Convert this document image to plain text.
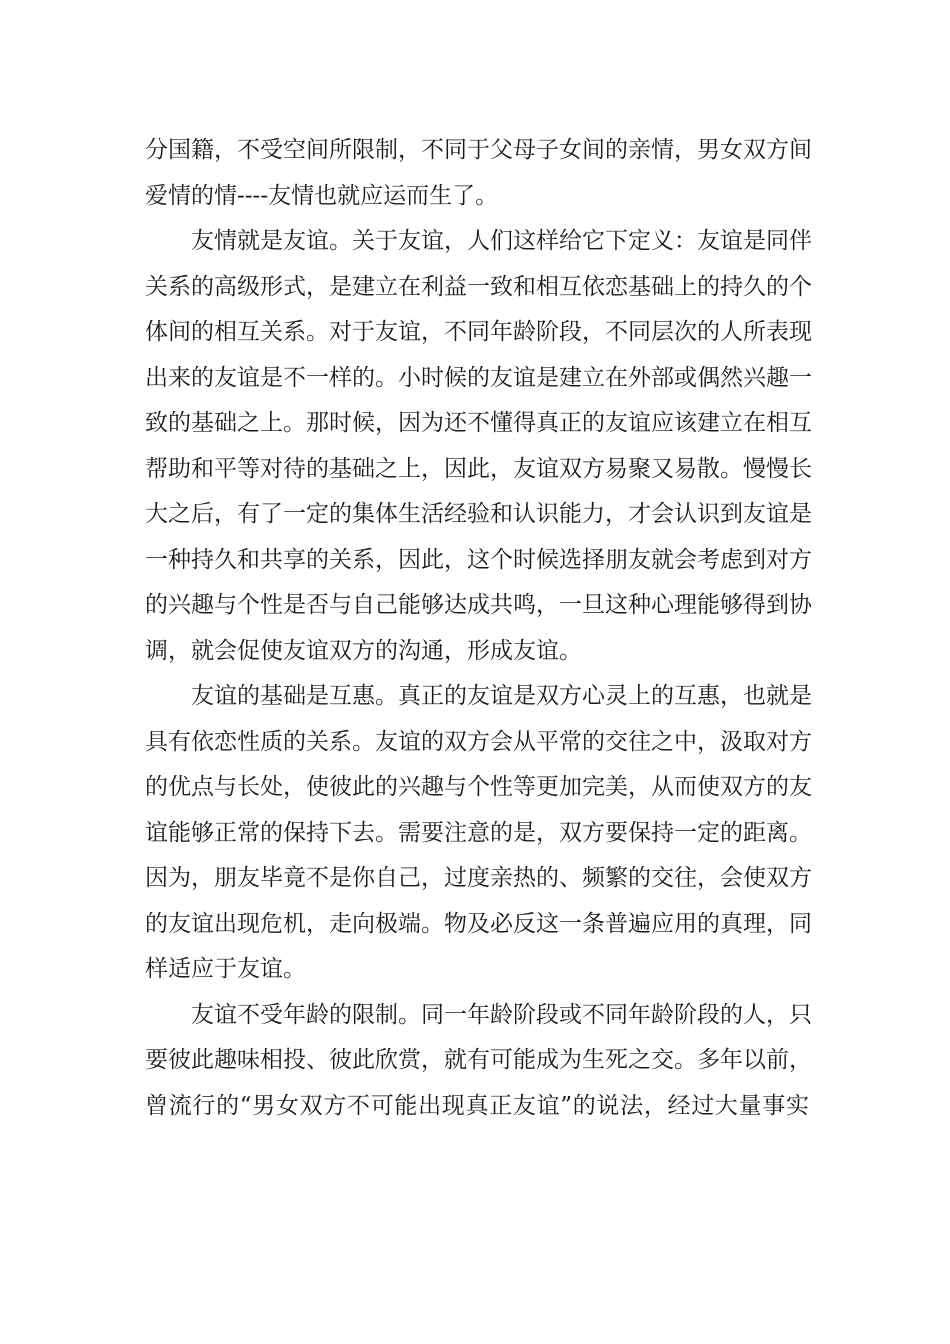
分国籍，不受空间所限制，不同于父母子女间的亲情，男女双方间
爱情的情----友情也就应运而生了。
友情就是友谊。关于友谊，人们这样给它下定义：友谊是同伴
关系的高级形式，是建立在利益一致和相互依恋基础上的持久的个
体间的相互关系。对于友谊，不同年龄阶段，不同层次的人所表现
出来的友谊是不一样的。小时候的友谊是建立在外部或偶然兴趣一
致的基础之上。那时候，因为还不懂得真正的友谊应该建立在相互
帮助和平等对待的基础之上，因此，友谊双方易聚又易散。慢慢长
大之后，有了一定的集体生活经验和认识能力，才会认识到友谊是
一种持久和共享的关系，因此，这个时候选择朋友就会考虑到对方
的兴趣与个性是否与自己能够达成共鸣，一旦这种心理能够得到协
调，就会促使友谊双方的沟通，形成友谊。
友谊的基础是互惠。真正的友谊是双方心灵上的互惠，也就是
具有依恋性质的关系。友谊的双方会从平常的交往之中，汲取对方
的优点与长处，使彼此的兴趣与个性等更加完美，从而使双方的友
谊能够正常的保持下去。需要注意的是，双方要保持一定的距离。
因为，朋友毕竟不是你自己，过度亲热的、频繁的交往，会使双方
的友谊出现危机，走向极端。物及必反这一条普遍应用的真理，同
样适应于友谊。
友谊不受年龄的限制。同一年龄阶段或不同年龄阶段的人，只
要彼此趣味相投、彼此欣赏，就有可能成为生死之交。多年以前，
曾流行的“男女双方不可能出现真正友谊”的说法，经过大量事实
